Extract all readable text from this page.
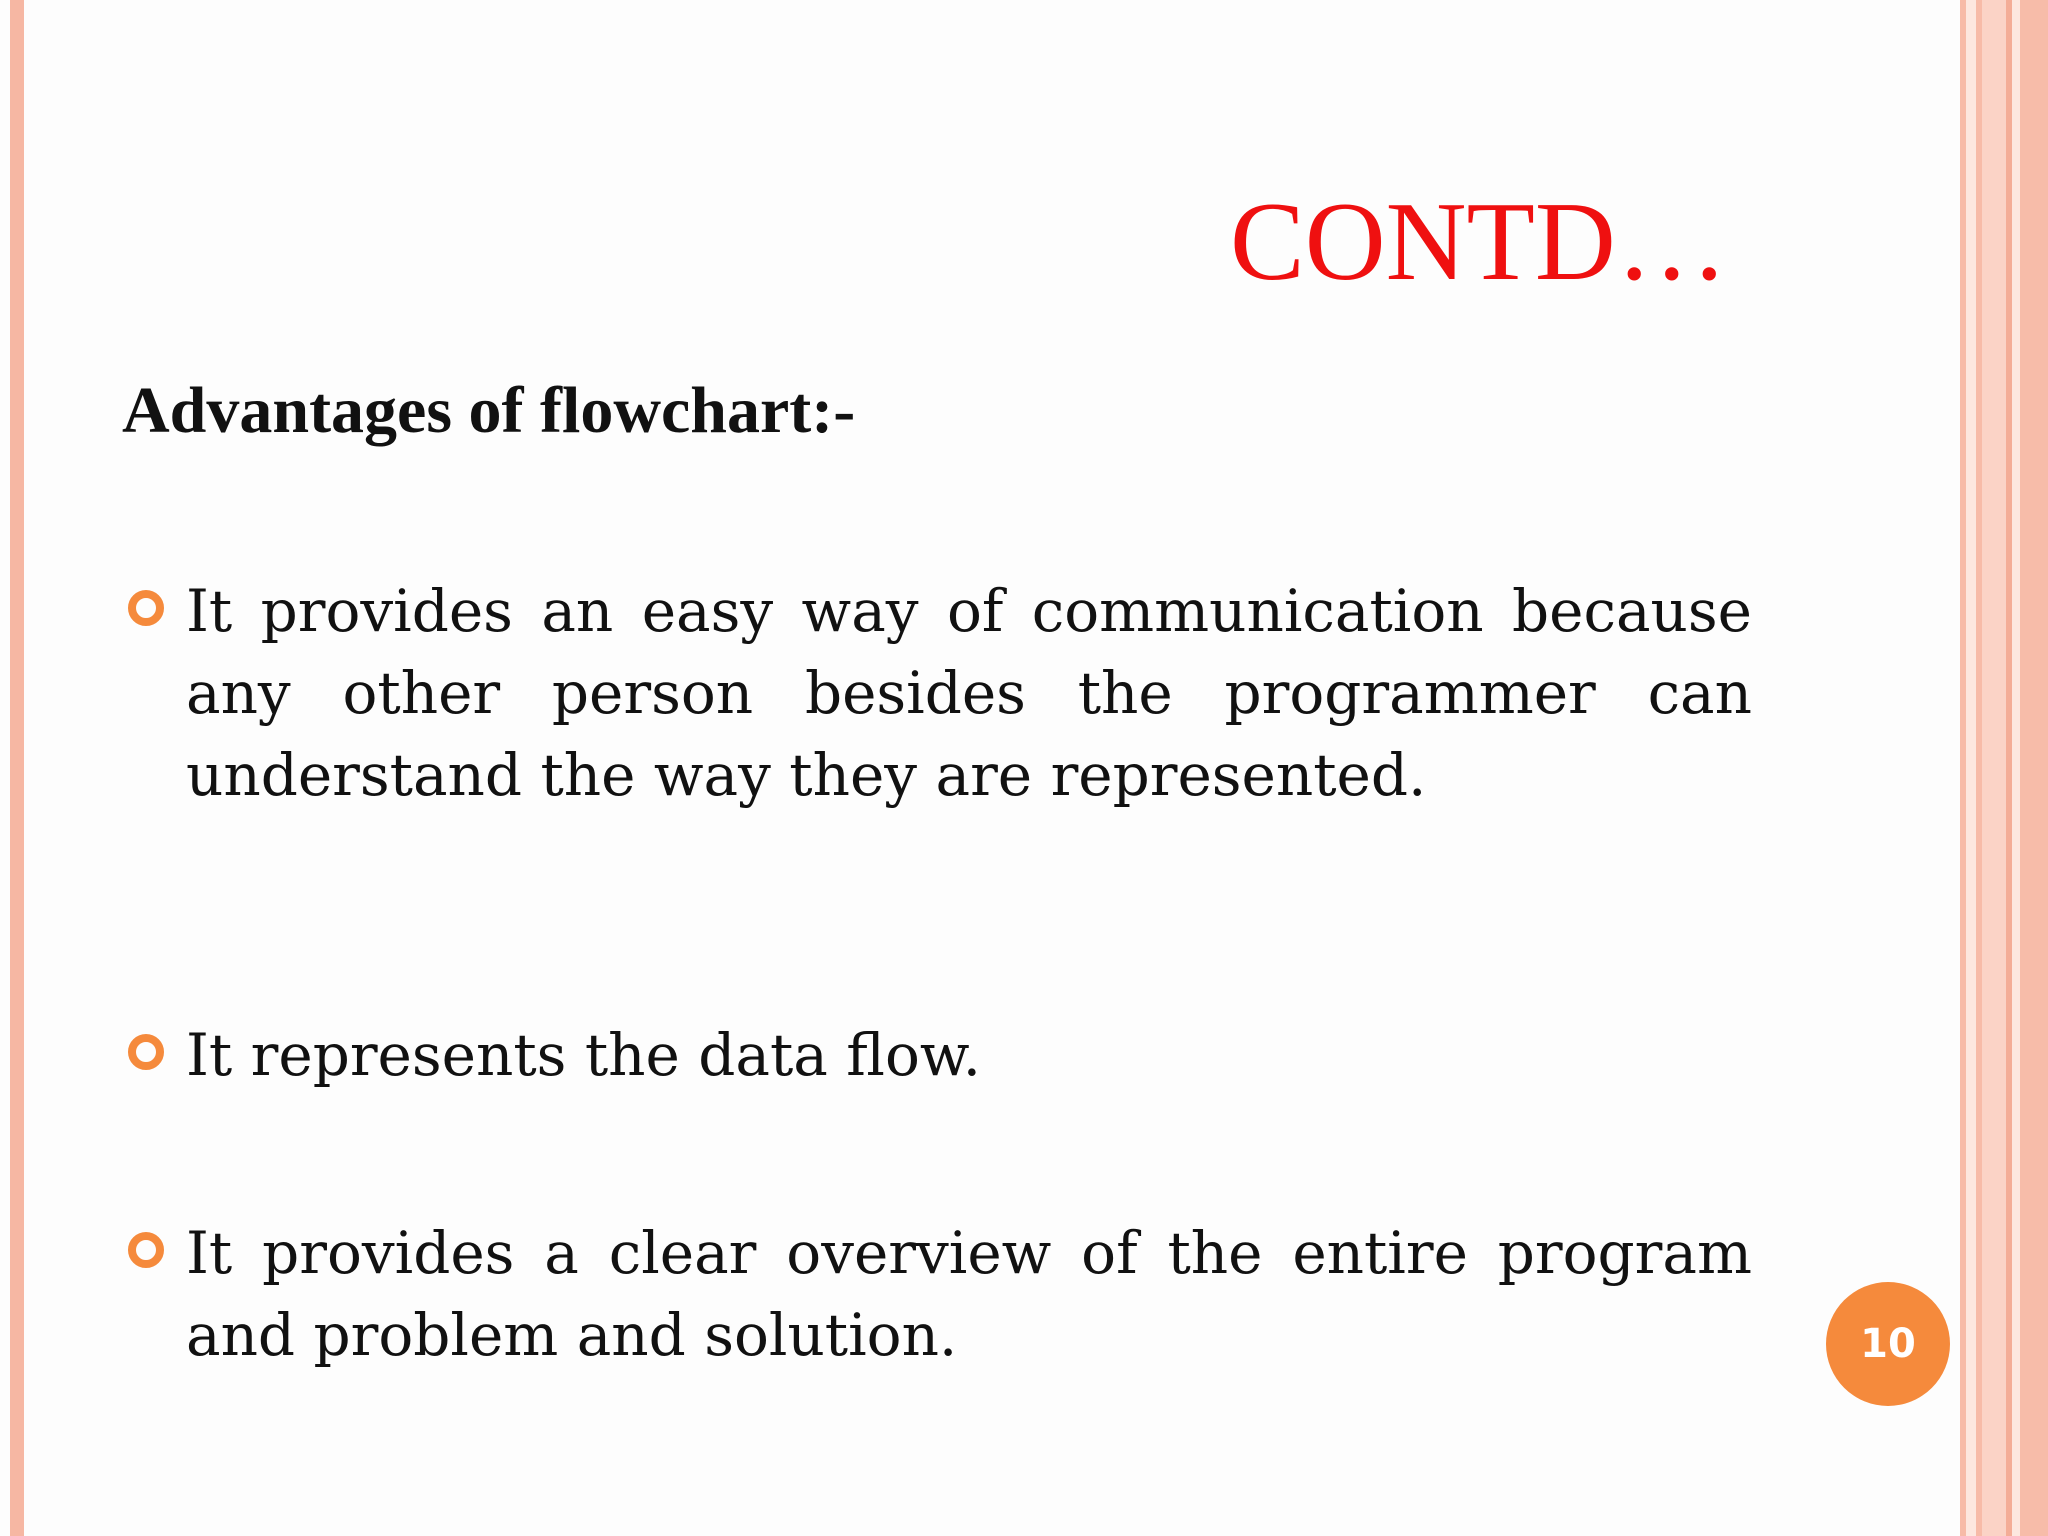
CONTD…
Advantages of flowchart:-
It provides an easy way of communication because any other person besides the programmer can understand the way they are represented.
It represents the data flow.
It provides a clear overview of the entire program and problem and solution.	10
